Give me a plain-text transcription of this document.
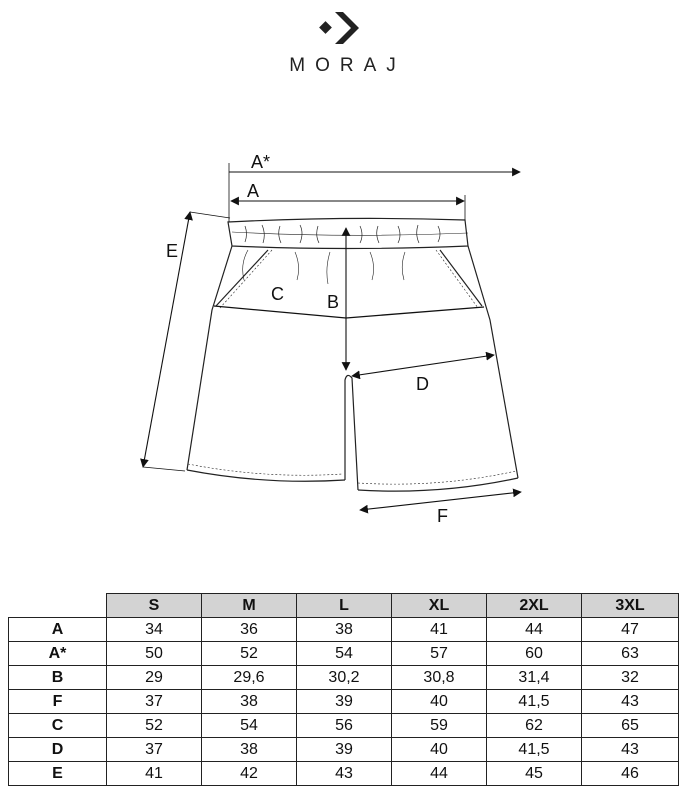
MORAJ
A*
A
B
C
D
E
F
	S	M	L	XL	2XL	3XL
A	34	36	38	41	44	47
A*	50	52	54	57	60	63
B	29	29,6	30,2	30,8	31,4	32
F	37	38	39	40	41,5	43
C	52	54	56	59	62	65
D	37	38	39	40	41,5	43
E	41	42	43	44	45	46
